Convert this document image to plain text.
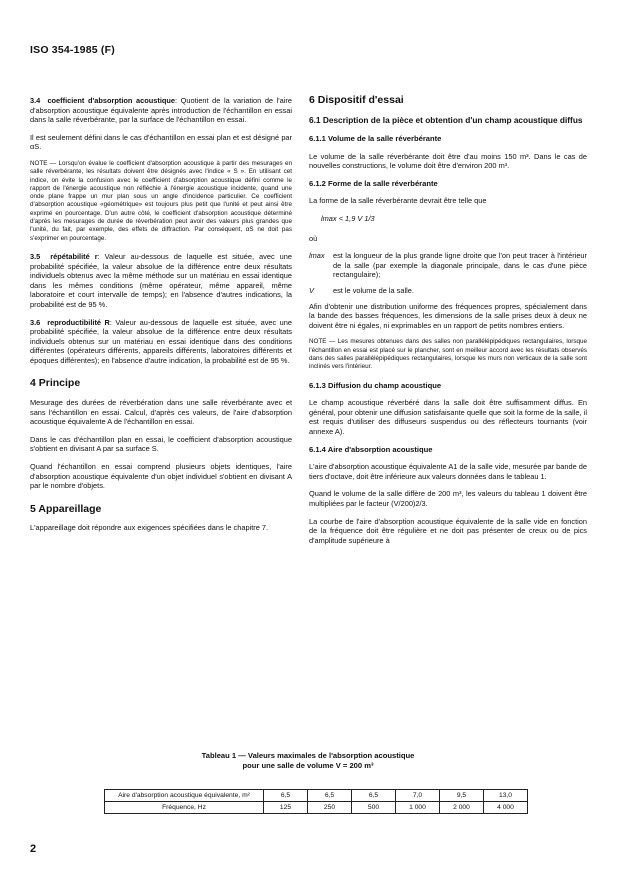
ISO 354-1985 (F)

3.4 coefficient d'absorption acoustique: Quotient de la variation de l'aire d'absorption acoustique équivalente après introduction de l'échantillon en essai dans la salle réverbérante, par la surface de l'échantillon en essai.

Il est seulement défini dans le cas d'échantillon en essai plan et est désigné par αS.

NOTE — Lorsqu'on évalue le coefficient d'absorption acoustique à partir des mesurages en salle réverbérante, les résultats doivent être désignés avec l'indice « S ». En utilisant cet indice, on évite la confusion avec le coefficient d'absorption acoustique défini comme le rapport de l'énergie acoustique non réfléchie à l'énergie acoustique incidente, quand une onde plane frappe un mur plan sous un angle d'incidence particulier. Ce coefficient d'absorption acoustique «géométrique» est toujours plus petit que l'unité et peut ainsi être exprimé en pourcentage. D'un autre côté, le coefficient d'absorption acoustique déterminé d'après les mesurages de durée de réverbération peut avoir des valeurs plus grandes que l'unité, du fait, par exemple, des effets de diffraction. Par conséquent, αS ne doit pas s'exprimer en pourcentage.

3.5 répétabilité r: Valeur au-dessous de laquelle est située, avec une probabilité spécifiée, la valeur absolue de la différence entre deux résultats individuels obtenus avec la même méthode sur un matériau en essai identique dans les mêmes conditions (même opérateur, même appareil, même laboratoire et court intervalle de temps); en l'absence d'autres indications, la probabilité est de 95 %.

3.6 reproductibilité R: Valeur au-dessous de laquelle est située, avec une probabilité spécifiée, la valeur absolue de la différence entre deux résultats individuels obtenus sur un matériau en essai identique dans des conditions différentes (opérateurs différents, appareils différents, laboratoires différents et époques différentes); en l'absence d'autre indication, la probabilité est de 95 %.

4 Principe

Mesurage des durées de réverbération dans une salle réverbérante avec et sans l'échantillon en essai. Calcul, d'après ces valeurs, de l'aire d'absorption acoustique équivalente A de l'échantillon en essai.

Dans le cas d'échantillon plan en essai, le coefficient d'absorption acoustique s'obtient en divisant A par sa surface S.

Quand l'échantillon en essai comprend plusieurs objets identiques, l'aire d'absorption acoustique équivalente d'un objet individuel s'obtient en divisant A par le nombre d'objets.

5 Appareillage

L'appareillage doit répondre aux exigences spécifiées dans le chapitre 7.

6 Dispositif d'essai
6.1 Description de la pièce et obtention d'un champ acoustique diffus
6.1.1 Volume de la salle réverbérante

Le volume de la salle réverbérante doit être d'au moins 150 m³. Dans le cas de nouvelles constructions, le volume doit être d'environ 200 m³.

6.1.2 Forme de la salle réverbérante

La forme de la salle réverbérante devrait être telle que

lmax < 1,9 V 1/3

où

lmax	est la longueur de la plus grande ligne droite que l'on peut tracer à l'intérieur de la salle (par exemple la diagonale principale, dans le cas d'une pièce rectangulaire);
V	est le volume de la salle.

Afin d'obtenir une distribution uniforme des fréquences propres, spécialement dans la bande des basses fréquences, les dimensions de la salle prises deux à deux ne doivent être ni égales, ni exprimables en un rapport de petits nombres entiers.

NOTE — Les mesures obtenues dans des salles non parallélépipédiques rectangulaires, lorsque l'échantillon en essai est placé sur le plancher, sont en meilleur accord avec les résultats observés dans des salles parallélépipédiques rectangulaires, lorsque les murs non verticaux de la salle sont inclinés vers l'intérieur.

6.1.3 Diffusion du champ acoustique

Le champ acoustique réverbéré dans la salle doit être suffisamment diffus. En général, pour obtenir une diffusion satisfaisante quelle que soit la forme de la salle, il est requis d'utiliser des diffuseurs suspendus ou des réflecteurs tournants (voir annexe A).

6.1.4 Aire d'absorption acoustique

L'aire d'absorption acoustique équivalente A1 de la salle vide, mesurée par bande de tiers d'octave, doit être inférieure aux valeurs données dans le tableau 1.

Quand le volume de la salle diffère de 200 m³, les valeurs du tableau 1 doivent être multipliées par le facteur (V/200)2/3.

La courbe de l'aire d'absorption acoustique équivalente de la salle vide en fonction de la fréquence doit être régulière et ne doit pas présenter de creux ou de pics d'amplitude supérieure à

Tableau 1 — Valeurs maximales de l'absorption acoustique
pour une salle de volume V = 200 m³
Aire d'absorption acoustique équivalente, m²	6,5	6,5	6,5	7,0	9,5	13,0
Fréquence, Hz	125	250	500	1 000	2 000	4 000
2
